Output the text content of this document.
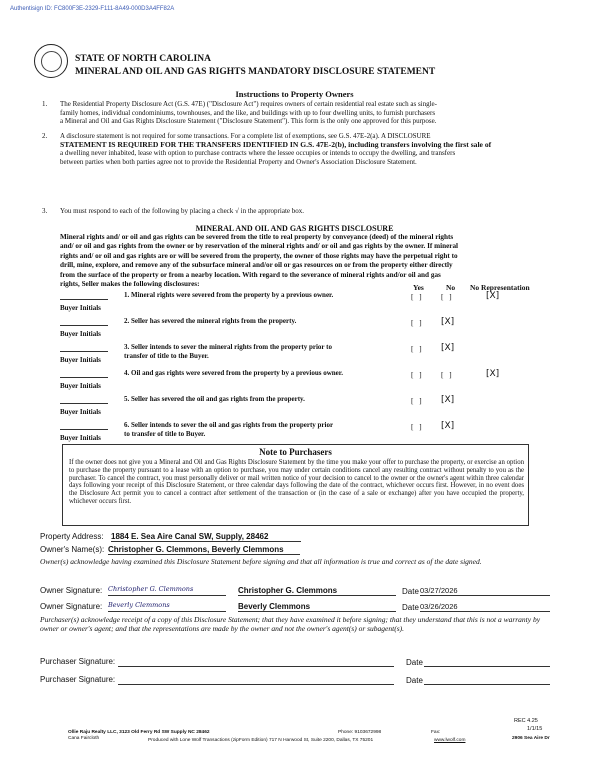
Authentisign ID: FC800F3E-2329-F111-8A49-000D3A4FF82A
STATE OF NORTH CAROLINA
MINERAL AND OIL AND GAS RIGHTS MANDATORY DISCLOSURE STATEMENT
Instructions to Property Owners
1. The Residential Property Disclosure Act (G.S. 47E) ("Disclosure Act") requires owners of certain residential real estate such as single-
family homes, individual condominiums, townhouses, and the like, and buildings with up to four dwelling units, to furnish purchasers
a Mineral and Oil and Gas Rights Disclosure Statement ("Disclosure Statement"). This form is the only one approved for this purpose.
2. A disclosure statement is not required for some transactions. For a complete list of exemptions, see G.S. 47E-2(a). A DISCLOSURE
STATEMENT IS REQUIRED FOR THE TRANSFERS IDENTIFIED IN G.S. 47E-2(b), including transfers involving the first sale of
a dwelling never inhabited, lease with option to purchase contracts where the lessee occupies or intends to occupy the dwelling, and transfers
between parties when both parties agree not to provide the Residential Property and Owner's Association Disclosure Statement.
3. You must respond to each of the following by placing a check √ in the appropriate box.
MINERAL AND OIL AND GAS RIGHTS DISCLOSURE
Mineral rights and/ or oil and gas rights can be severed from the title to real property by conveyance (deed) of the mineral rights
and/ or oil and gas rights from the owner or by reservation of the mineral rights and/ or oil and gas rights by the owner. If mineral
rights and/ or oil and gas rights are or will be severed from the property, the owner of those rights may have the perpetual right to
drill, mine, explore, and remove any of the subsurface mineral and/or oil or gas resources on or from the property either directly
from the surface of the property or from a nearby location. With regard to the severance of mineral rights and/or oil and gas
rights, Seller makes the following disclosures:	Yes	No No Representation
Buyer Initials
1. Mineral rights were severed from the property by a previous owner.	[   ]	[   ]	[X]
Buyer Initials
2. Seller has severed the mineral rights from the property.	[   ] [X]
Buyer Initials
3. Seller intends to sever the mineral rights from the property prior to
transfer of title to the Buyer.
[   ] [X]
Buyer Initials
4. Oil and gas rights were severed from the property by a previous owner.	[   ]	[   ]	[X]
Buyer Initials
5. Seller has severed the oil and gas rights from the property.	[   ] [X]
Buyer Initials
6. Seller intends to sever the oil and gas rights from the property prior
to transfer of title to Buyer.
[   ] [X]
Note to Purchasers
If the owner does not give you a Mineral and Oil and Gas Rights Disclosure Statement by the time you make your offer to purchase the property, or exercise an option to purchase the property pursuant to a lease with an option to purchase, you may under certain conditions cancel any resulting contract without penalty to you as the purchaser. To cancel the contract, you must personally deliver or mail written notice of your decision to cancel to the owner or the owner's agent within three calendar days following your receipt of this Disclosure Statement, or three calendar days following the date of the contract, whichever occurs first. However, in no event does the Disclosure Act permit you to cancel a contract after settlement of the transaction or (in the case of a sale or exchange) after you have occupied the property, whichever occurs first.
Property Address: 1884 E. Sea Aire Canal SW, Supply, 28462
Owner's Name(s): Christopher G. Clemmons, Beverly Clemmons
Owner(s) acknowledge having examined this Disclosure Statement before signing and that all information is true and correct as of the date signed.
Owner Signature: Christopher G. Clemmons	Christopher G. Clemmons	Date 03/27/2026
Owner Signature: Beverly Clemmons	Beverly Clemmons	Date 03/26/2026
Purchaser(s) acknowledge receipt of a copy of this Disclosure Statement; that they have examined it before signing; that they understand that this is not a warranty by owner or owner's agent; and that the representations are made by the owner and not the owner's agent(s) or subagent(s).
Purchaser Signature:	Date
Purchaser Signature:	Date
REC 4.25
1/1/15
Ollie Raju Realty LLC, 3123 Old Ferry Rd SW Supply NC 28462
Cana Faircloth
Phone: 9103672998	Fax:
2906 Sea Aire Dr
Produced with Lone Wolf Transactions (zipForm Edition) 717 N Harwood St, Suite 2200, Dallas, TX 75201	www.lwolf.com
